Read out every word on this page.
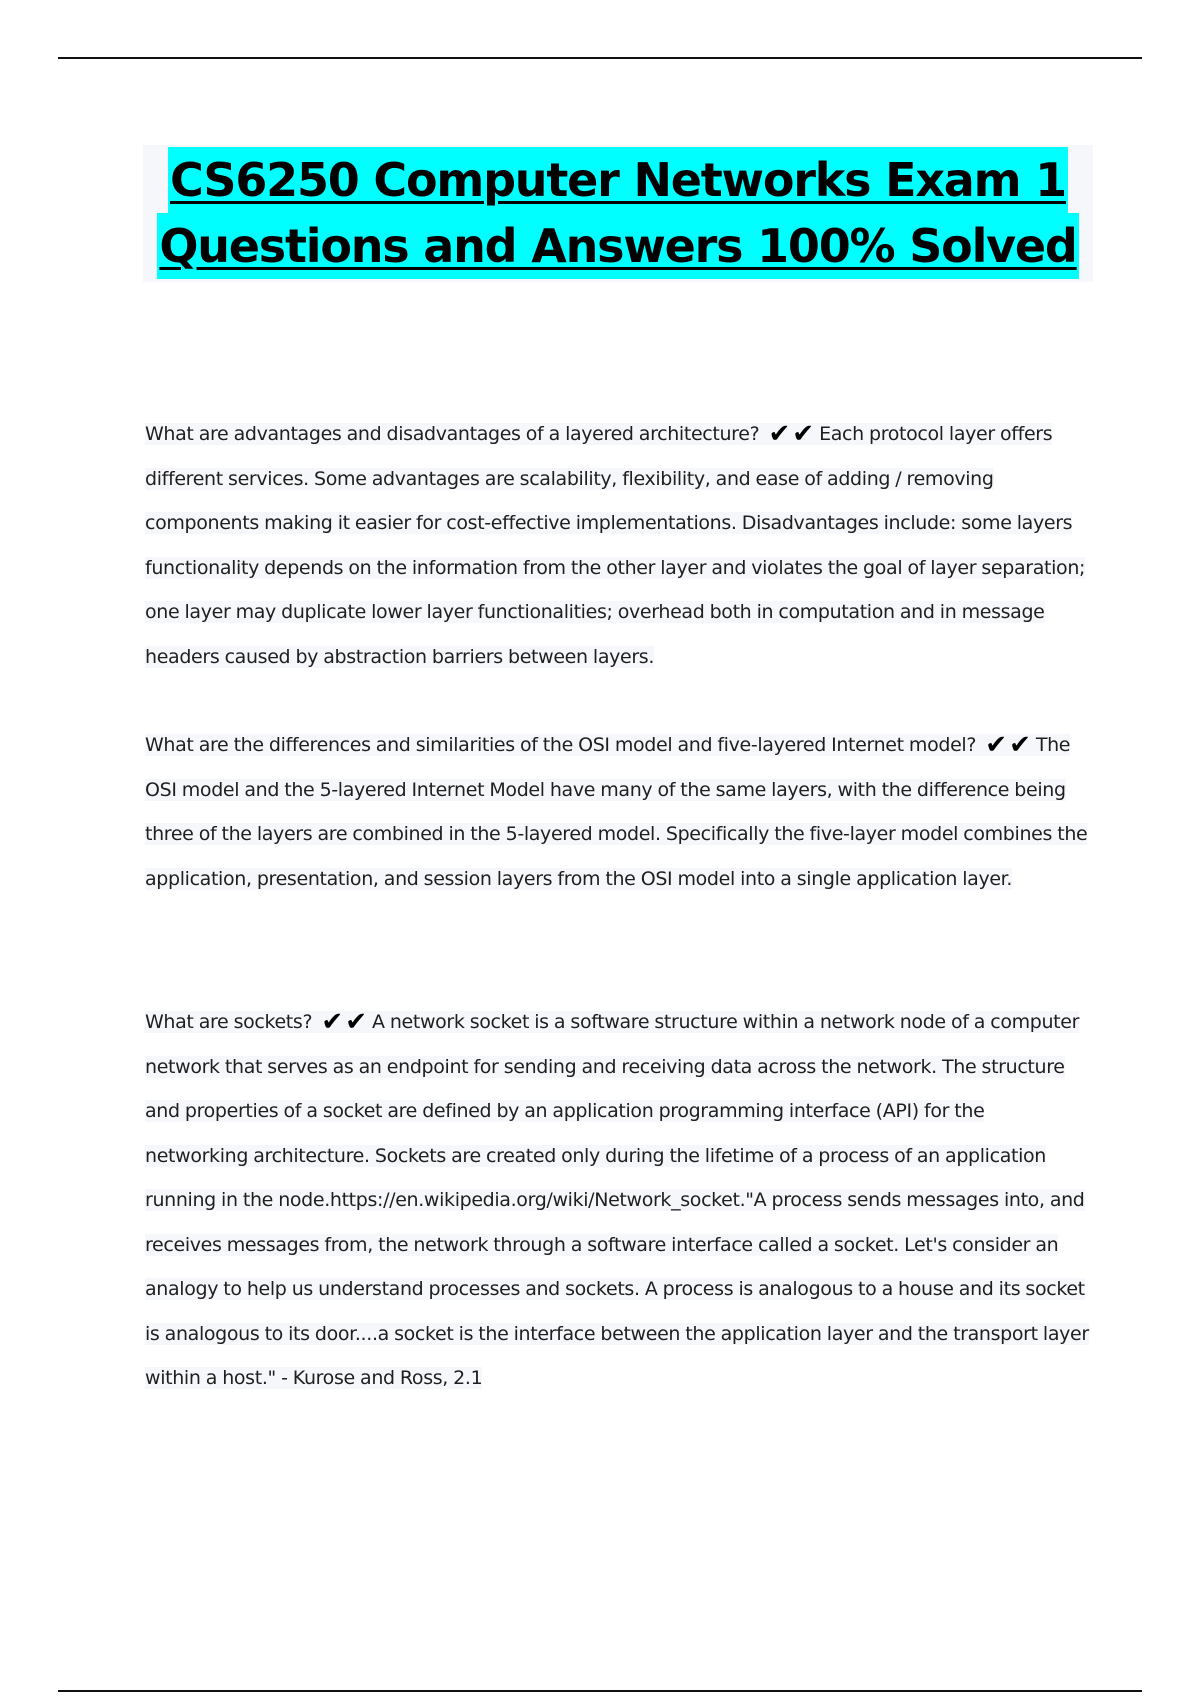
CS6250 Computer Networks Exam 1
Questions and Answers 100% Solved
What are advantages and disadvantages of a layered architecture? ✔✔ Each protocol layer offers different services. Some advantages are scalability, flexibility, and ease of adding / removing components making it easier for cost-effective implementations. Disadvantages include: some layers functionality depends on the information from the other layer and violates the goal of layer separation; one layer may duplicate lower layer functionalities; overhead both in computation and in message headers caused by abstraction barriers between layers.
What are the differences and similarities of the OSI model and five-layered Internet model? ✔✔ The OSI model and the 5-layered Internet Model have many of the same layers, with the difference being three of the layers are combined in the 5-layered model. Specifically the five-layer model combines the application, presentation, and session layers from the OSI model into a single application layer.
What are sockets? ✔✔ A network socket is a software structure within a network node of a computer network that serves as an endpoint for sending and receiving data across the network. The structure and properties of a socket are defined by an application programming interface (API) for the networking architecture. Sockets are created only during the lifetime of a process of an application running in the node.https://en.wikipedia.org/wiki/Network_socket."A process sends messages into, and receives messages from, the network through a software interface called a socket. Let's consider an analogy to help us understand processes and sockets. A process is analogous to a house and its socket is analogous to its door....a socket is the interface between the application layer and the transport layer within a host." - Kurose and Ross, 2.1
